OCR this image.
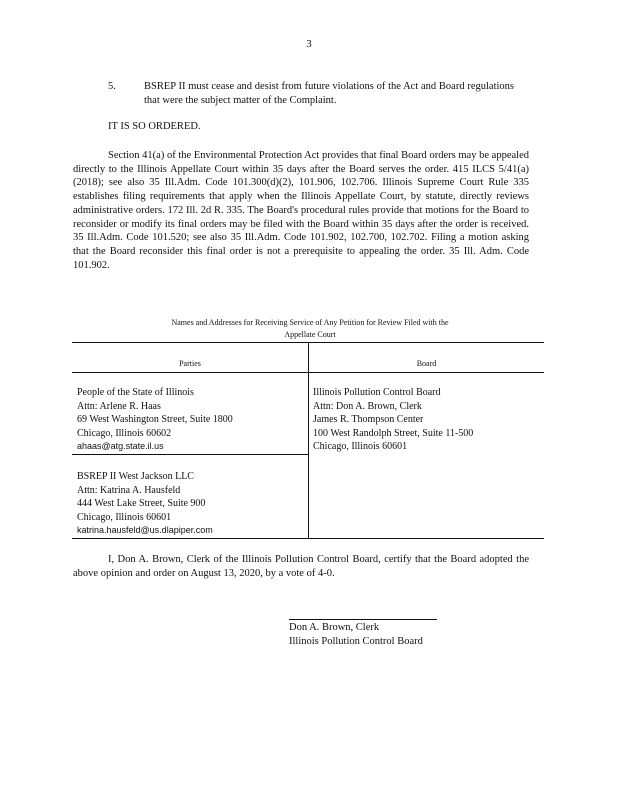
3
5.	BSREP II must cease and desist from future violations of the Act and Board regulations that were the subject matter of the Complaint.
IT IS SO ORDERED.

Section 41(a) of the Environmental Protection Act provides that final Board orders may be appealed directly to the Illinois Appellate Court within 35 days after the Board serves the order. 415 ILCS 5/41(a) (2018); see also 35 Ill.Adm. Code 101.300(d)(2), 101.906, 102.706. Illinois Supreme Court Rule 335 establishes filing requirements that apply when the Illinois Appellate Court, by statute, directly reviews administrative orders. 172 Ill. 2d R. 335. The Board's procedural rules provide that motions for the Board to reconsider or modify its final orders may be filed with the Board within 35 days after the order is received. 35 Ill.Adm. Code 101.520; see also 35 Ill.Adm. Code 101.902, 102.700, 102.702. Filing a motion asking that the Board reconsider this final order is not a prerequisite to appealing the order. 35 Ill. Adm. Code 101.902.

Names and Addresses for Receiving Service of Any Petition for Review Filed with the Appellate Court
Parties	Board
People of the State of Illinois
Attn: Arlene R. Haas
69 West Washington Street, Suite 1800
Chicago, Illinois 60602
ahaas@atg.state.il.us
BSREP II West Jackson LLC
Attn: Katrina A. Hausfeld
444 West Lake Street, Suite 900
Chicago, Illinois 60601
katrina.hausfeld@us.dlapiper.com
Illinois Pollution Control Board
Attn: Don A. Brown, Clerk
James R. Thompson Center
100 West Randolph Street, Suite 11-500
Chicago, Illinois 60601

I, Don A. Brown, Clerk of the Illinois Pollution Control Board, certify that the Board adopted the above opinion and order on August 13, 2020, by a vote of 4-0.

Don A. Brown, Clerk
Illinois Pollution Control Board
